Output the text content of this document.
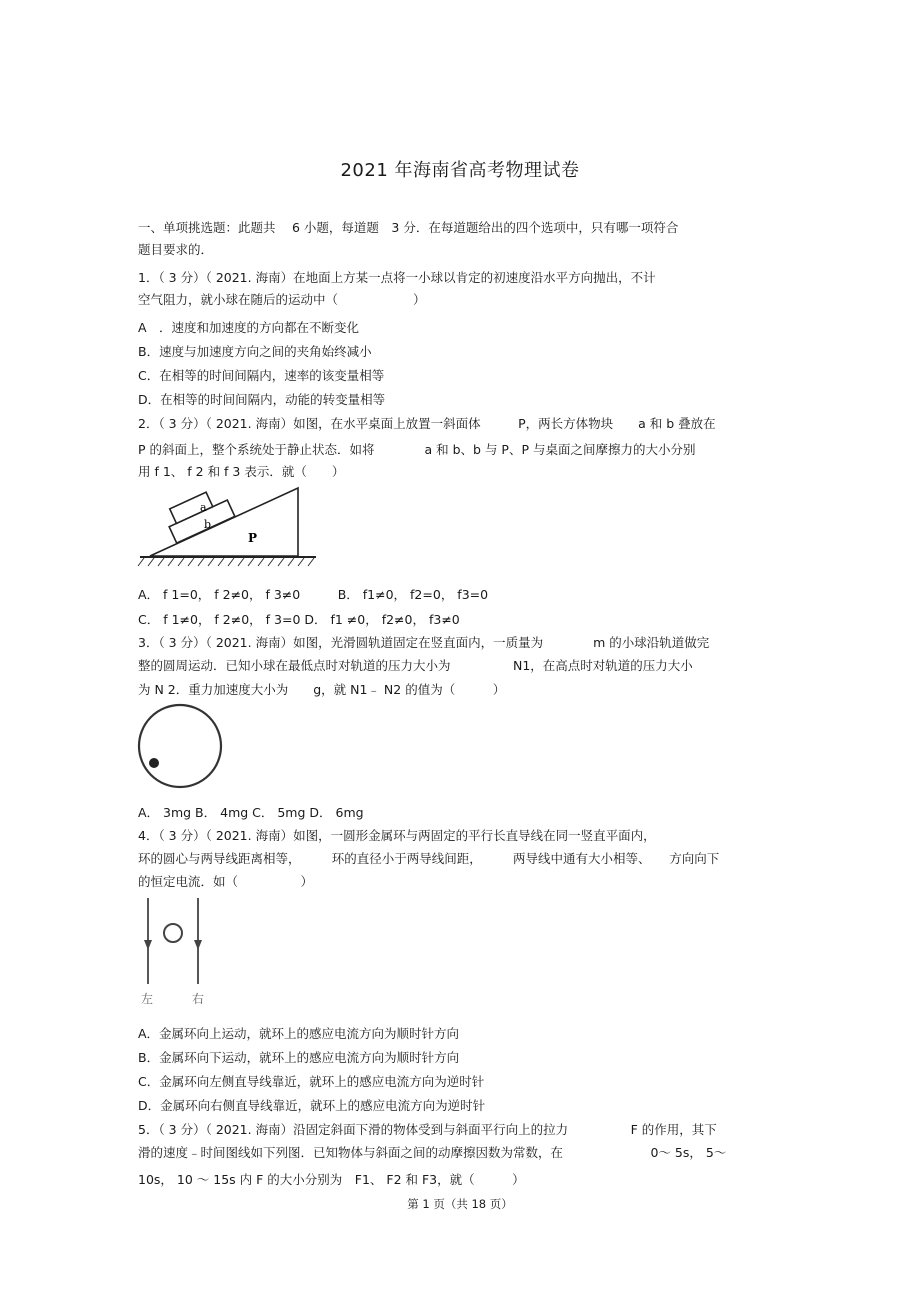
2021 年海南省高考物理试卷
一、单项挑选题：此题共　 6 小题，每道题　3 分．在每道题给出的四个选项中，只有哪一项符合
题目要求的．
1．（ 3 分）（ 2021. 海南）在地面上方某一点将一小球以肯定的初速度沿水平方向抛出，不计
空气阻力，就小球在随后的运动中（　　　　　　）
A　．速度和加速度的方向都在不断变化
B．速度与加速度方向之间的夹角始终减小
C．在相等的时间间隔内，速率的该变量相等
D．在相等的时间间隔内，动能的转变量相等
2．（ 3 分）（ 2021. 海南）如图，在水平桌面上放置一斜面体　　　P，两长方体物块　　a 和 b 叠放在
P 的斜面上，整个系统处于静止状态．如将　　　　a 和 b、b 与 P、P 与桌面之间摩擦力的大小分别
用 f 1、 f 2 和 f 3 表示．就（　　）
a
b
P
A． f 1=0， f 2≠0， f 3≠0　　　B． f1≠0， f2=0， f3=0
C． f 1≠0， f 2≠0， f 3=0 D． f1 ≠0， f2≠0， f3≠0
3．（ 3 分）（ 2021. 海南）如图，光滑圆轨道固定在竖直面内，一质量为　　　　m 的小球沿轨道做完
整的圆周运动．已知小球在最低点时对轨道的压力大小为　　　　　N1，在高点时对轨道的压力大小
为 N 2．重力加速度大小为　　g，就 N1﹣ N2 的值为（　　　）
A． 3mg B． 4mg C． 5mg D． 6mg
4．（ 3 分）（ 2021. 海南）如图，一圆形金属环与两固定的平行长直导线在同一竖直平面内，
环的圆心与两导线距离相等，　　　环的直径小于两导线间距，　　　两导线中通有大小相等、　　方向向下
的恒定电流．如（　　　　　）
左	右
A．金属环向上运动，就环上的感应电流方向为顺时针方向
B．金属环向下运动，就环上的感应电流方向为顺时针方向
C．金属环向左侧直导线靠近，就环上的感应电流方向为逆时针
D．金属环向右侧直导线靠近，就环上的感应电流方向为逆时针
5．（ 3 分）（ 2021. 海南）沿固定斜面下滑的物体受到与斜面平行向上的拉力　　　　　F 的作用，其下
滑的速度﹣时间图线如下列图．已知物体与斜面之间的动摩擦因数为常数，在　　　　　　　0～ 5s， 5～
10s， 10 ～ 15s 内 F 的大小分别为　F1、 F2 和 F3，就（　　　）
第 1 页（共 18 页）
